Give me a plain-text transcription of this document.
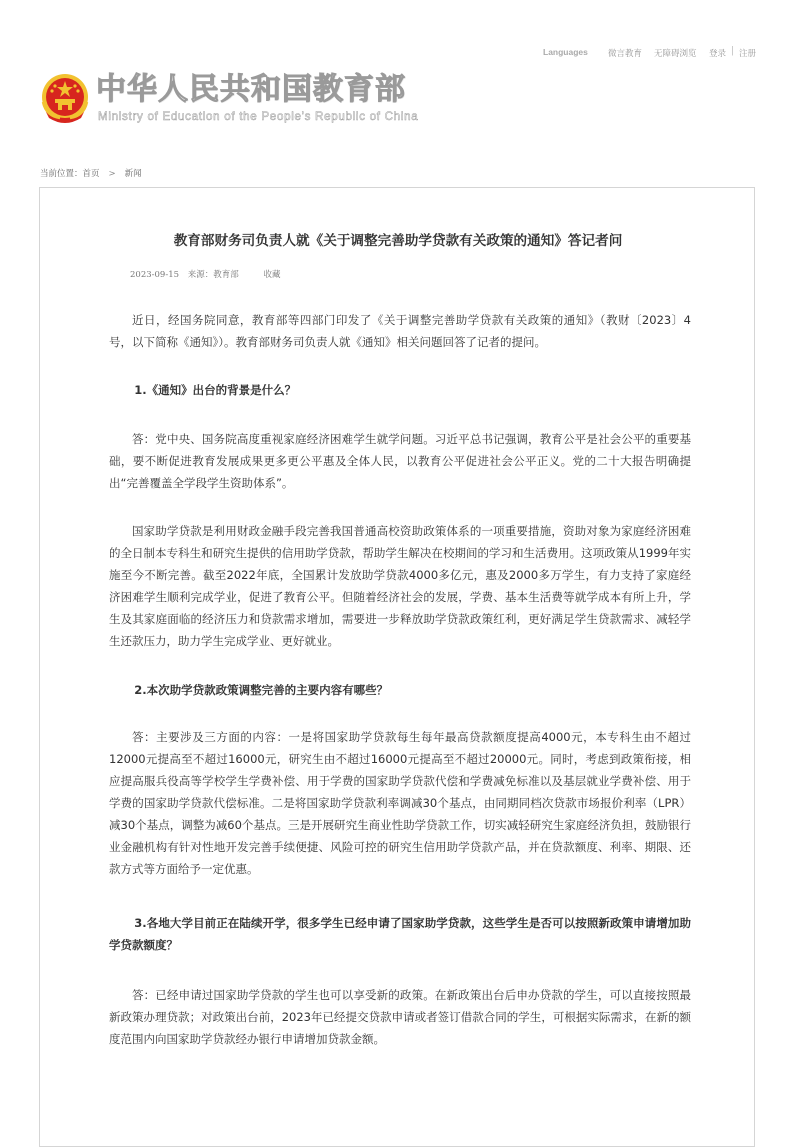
Languages 微言教育 无障碍浏览 登录 | 注册
中华人民共和国教育部
Ministry of Education of the People's Republic of China
当前位置：首页 > 新闻
教育部财务司负责人就《关于调整完善助学贷款有关政策的通知》答记者问
2023-09-15 来源：教育部	收藏

近日，经国务院同意，教育部等四部门印发了《关于调整完善助学贷款有关政策的通知》（教财〔2023〕4号，以下简称《通知》）。教育部财务司负责人就《通知》相关问题回答了记者的提问。

1.《通知》出台的背景是什么？

答：党中央、国务院高度重视家庭经济困难学生就学问题。习近平总书记强调，教育公平是社会公平的重要基础，要不断促进教育发展成果更多更公平惠及全体人民，以教育公平促进社会公平正义。党的二十大报告明确提出“完善覆盖全学段学生资助体系”。

国家助学贷款是利用财政金融手段完善我国普通高校资助政策体系的一项重要措施，资助对象为家庭经济困难的全日制本专科生和研究生提供的信用助学贷款，帮助学生解决在校期间的学习和生活费用。这项政策从1999年实施至今不断完善。截至2022年底，全国累计发放助学贷款4000多亿元，惠及2000多万学生，有力支持了家庭经济困难学生顺利完成学业，促进了教育公平。但随着经济社会的发展，学费、基本生活费等就学成本有所上升，学生及其家庭面临的经济压力和贷款需求增加，需要进一步释放助学贷款政策红利，更好满足学生贷款需求、减轻学生还款压力，助力学生完成学业、更好就业。

2.本次助学贷款政策调整完善的主要内容有哪些？

答：主要涉及三方面的内容：一是将国家助学贷款每生每年最高贷款额度提高4000元，本专科生由不超过12000元提高至不超过16000元，研究生由不超过16000元提高至不超过20000元。同时，考虑到政策衔接，相应提高服兵役高等学校学生学费补偿、用于学费的国家助学贷款代偿和学费减免标准以及基层就业学费补偿、用于学费的国家助学贷款代偿标准。二是将国家助学贷款利率调减30个基点，由同期同档次贷款市场报价利率（LPR）减30个基点，调整为减60个基点。三是开展研究生商业性助学贷款工作，切实减轻研究生家庭经济负担，鼓励银行业金融机构有针对性地开发完善手续便捷、风险可控的研究生信用助学贷款产品，并在贷款额度、利率、期限、还款方式等方面给予一定优惠。

3.各地大学目前正在陆续开学，很多学生已经申请了国家助学贷款，这些学生是否可以按照新政策申请增加助学贷款额度？

答：已经申请过国家助学贷款的学生也可以享受新的政策。在新政策出台后申办贷款的学生，可以直接按照最新政策办理贷款；对政策出台前，2023年已经提交贷款申请或者签订借款合同的学生，可根据实际需求，在新的额度范围内向国家助学贷款经办银行申请增加贷款金额。
